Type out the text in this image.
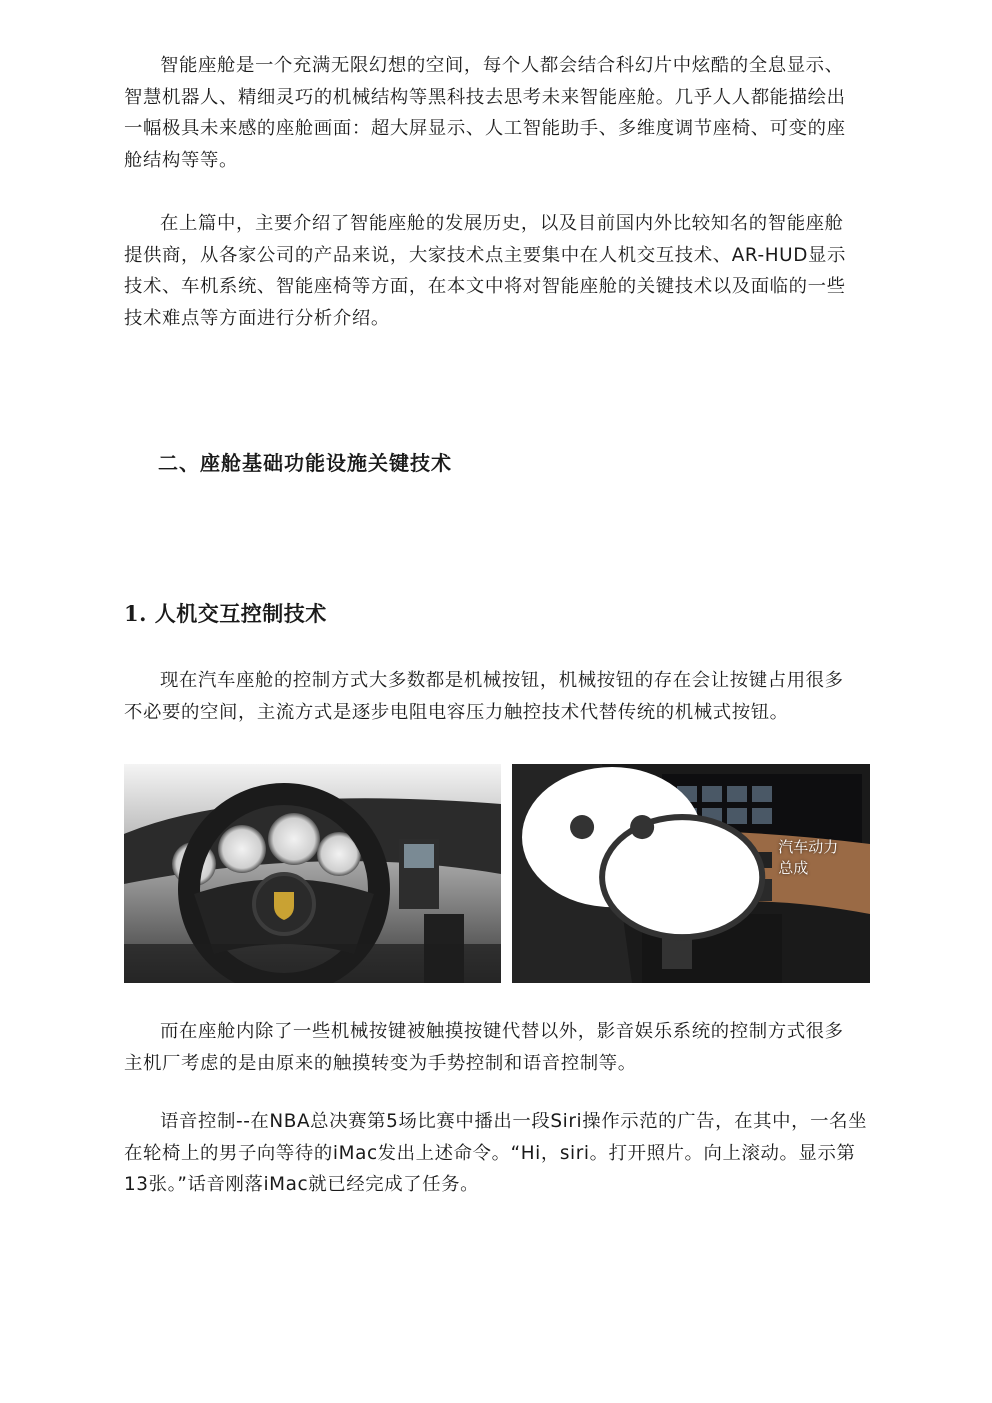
智能座舱是一个充满无限幻想的空间，每个人都会结合科幻片中炫酷的全息显示、
智慧机器人、精细灵巧的机械结构等黑科技去思考未来智能座舱。几乎人人都能描绘出
一幅极具未来感的座舱画面：超大屏显示、人工智能助手、多维度调节座椅、可变的座
舱结构等等。
在上篇中，主要介绍了智能座舱的发展历史，以及目前国内外比较知名的智能座舱
提供商，从各家公司的产品来说，大家技术点主要集中在人机交互技术、AR-HUD显示
技术、车机系统、智能座椅等方面，在本文中将对智能座舱的关键技术以及面临的一些
技术难点等方面进行分析介绍。
二、座舱基础功能设施关键技术
1. 人机交互控制技术
现在汽车座舱的控制方式大多数都是机械按钮，机械按钮的存在会让按键占用很多
不必要的空间，主流方式是逐步电阻电容压力触控技术代替传统的机械式按钮。
汽车动力总成
而在座舱内除了一些机械按键被触摸按键代替以外，影音娱乐系统的控制方式很多
主机厂考虑的是由原来的触摸转变为手势控制和语音控制等。
语音控制--在NBA总决赛第5场比赛中播出一段Siri操作示范的广告，在其中，一名坐
在轮椅上的男子向等待的iMac发出上述命令。“Hi，siri。打开照片。向上滚动。显示第
13张。”话音刚落iMac就已经完成了任务。
